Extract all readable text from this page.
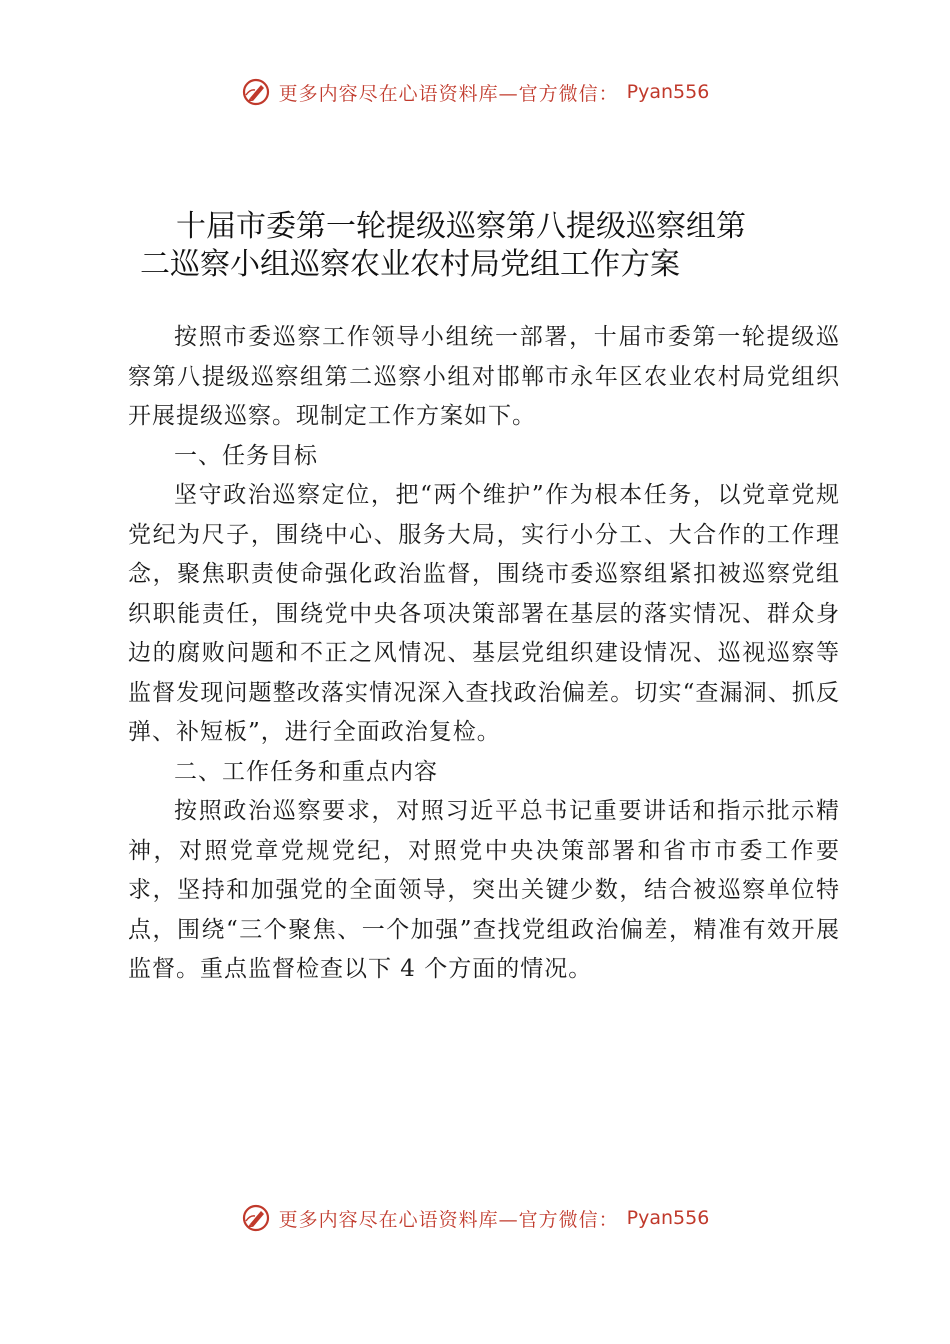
更多内容尽在心语资料库—官方微信： Pyan556
十届市委第一轮提级巡察第八提级巡察组第
二巡察小组巡察农业农村局党组工作方案

按照市委巡察工作领导小组统一部署，十届市委第一轮提级巡察第八提级巡察组第二巡察小组对邯郸市永年区农业农村局党组织开展提级巡察。现制定工作方案如下。

一、任务目标

坚守政治巡察定位，把“两个维护”作为根本任务，以党章党规党纪为尺子，围绕中心、服务大局，实行小分工、大合作的工作理念，聚焦职责使命强化政治监督，围绕市委巡察组紧扣被巡察党组织职能责任，围绕党中央各项决策部署在基层的落实情况、群众身边的腐败问题和不正之风情况、基层党组织建设情况、巡视巡察等监督发现问题整改落实情况深入查找政治偏差。切实“查漏洞、抓反弹、补短板”，进行全面政治复检。

二、工作任务和重点内容

按照政治巡察要求，对照习近平总书记重要讲话和指示批示精神，对照党章党规党纪，对照党中央决策部署和省市市委工作要求，坚持和加强党的全面领导，突出关键少数，结合被巡察单位特点，围绕“三个聚焦、一个加强”查找党组政治偏差，精准有效开展监督。重点监督检查以下 4 个方面的情况。

更多内容尽在心语资料库—官方微信： Pyan556
